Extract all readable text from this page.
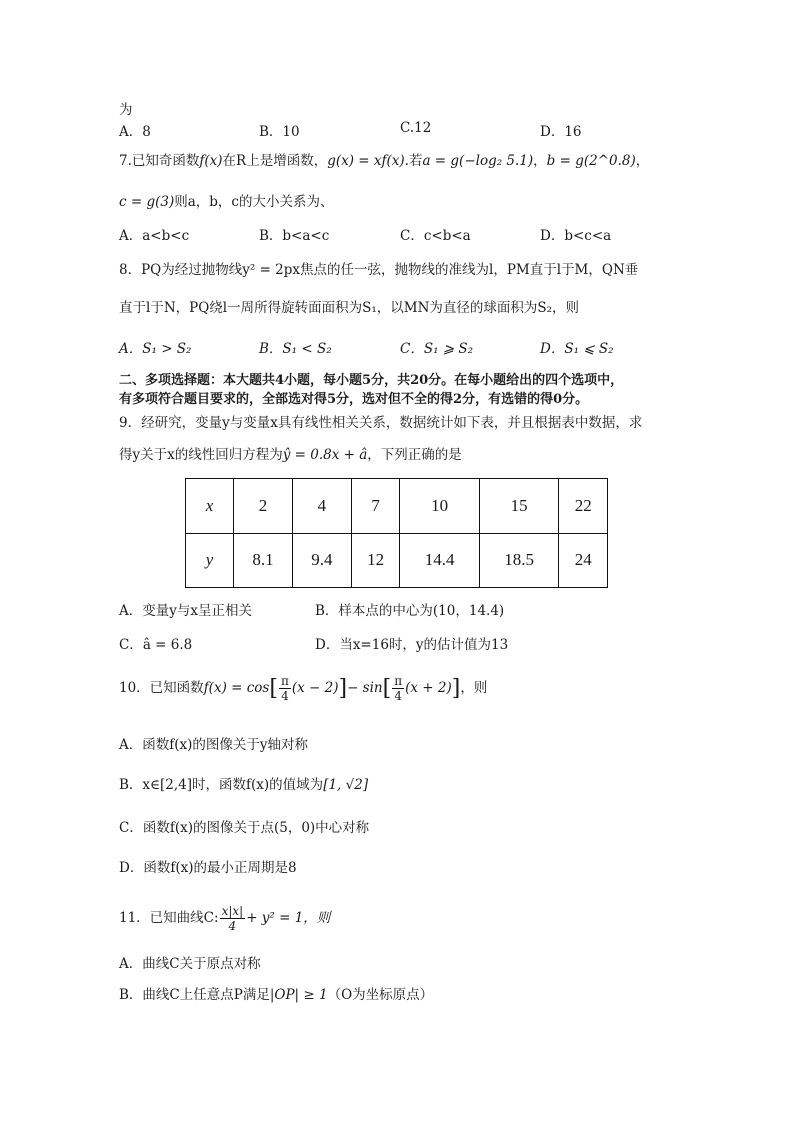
为
A．8	B．10	C.12	D．16
7.已知奇函数f(x)在R上是增函数，g(x) = xf(x).若a = g(−log₂ 5.1)，b = g(2^0.8)，
c = g(3)则a，b，c的大小关系为、
A．a<b<c	B．b<a<c	C．c<b<a	D．b<c<a
8．PQ为经过抛物线y² = 2px焦点的任一弦，抛物线的准线为l，PM直于l于M，QN垂
直于l于N，PQ绕l一周所得旋转面面积为S₁，以MN为直径的球面积为S₂，则
A．S₁ > S₂	B．S₁ < S₂	C．S₁ ⩾ S₂	D．S₁ ⩽ S₂
二、多项选择题：本大题共4小题，每小题5分，共20分。在每小题给出的四个选项中，
有多项符合题目要求的，全部选对得5分，选对但不全的得2分，有选错的得0分。
9．经研究，变量y与变量x具有线性相关关系，数据统计如下表，并且根据表中数据，求
得y关于x的线性回归方程为ŷ = 0.8x + â，下列正确的是
x	2	4	7	10	15	22
y	8.1	9.4	12	14.4	18.5	24
A．变量y与x呈正相关	B．样本点的中心为(10，14.4)
C．â = 6.8	D．当x=16时，y的估计值为13
10．已知函数$f(x) = \cos[ \frac{\pi}{4} (x - 2)]- \sin[ \frac{\pi}{4} (x + 2)]$，则
A．函数f(x)的图像关于y轴对称
B．x∈[2,4]时，函数f(x)的值域为[1, √2]
C．函数f(x)的图像关于点(5，0)中心对称
D．函数f(x)的最小正周期是8
11．已知曲线C: $\frac{x|x|}{4} + y^2 = 1$，则
A．曲线C关于原点对称
B．曲线C上任意点P满足|OP| ≥ 1（O为坐标原点）
